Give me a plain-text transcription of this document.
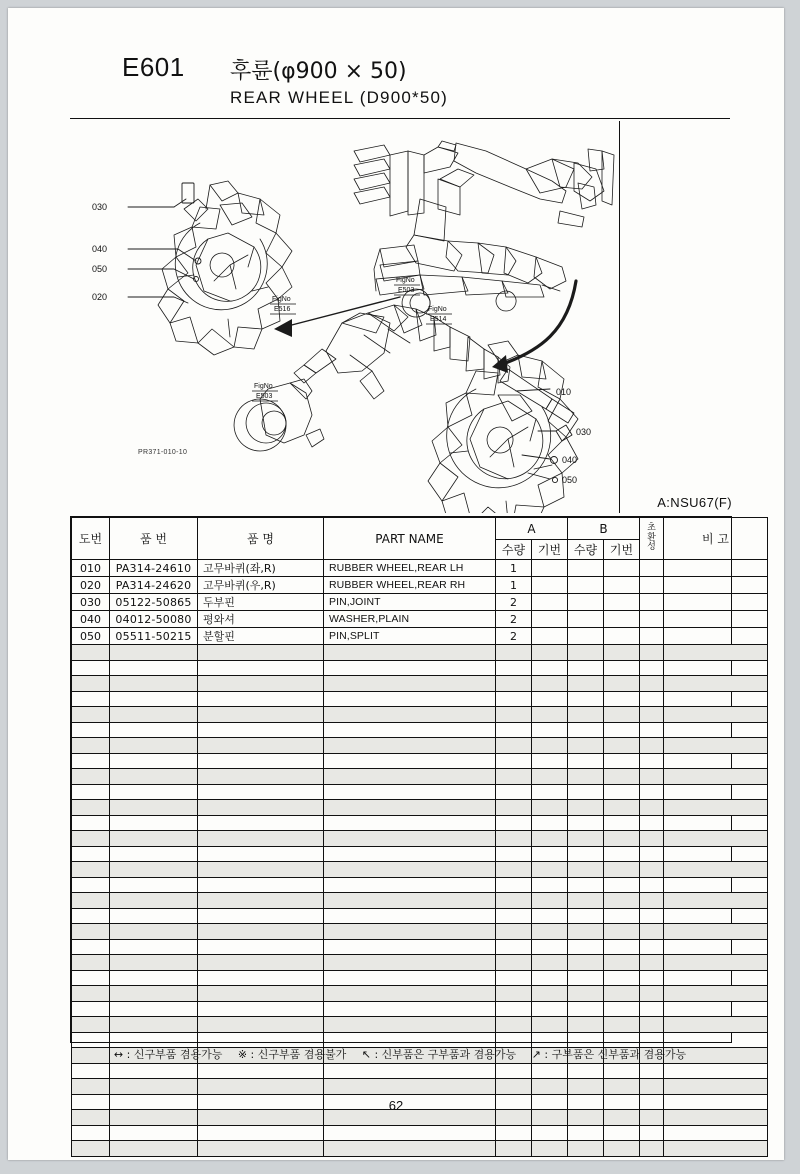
E601 후륜(φ900 × 50)
REAR WHEEL (D900*50)
030
040
050
020
010
030
040
050
FigNo
E503
FigNo
E516	FigNo
E514
FigNo
E503
PR371-010-10
A:NSU67(F)
도번	품 번	품 명	PART NAME	A		B		초
환
성	비 고
				수량	기번	수량	기번		
010	PA314-24610	고무바퀴(좌,R)	RUBBER WHEEL,REAR LH	1					
020	PA314-24620	고무바퀴(우,R)	RUBBER WHEEL,REAR RH	1					
030	05122-50865	두부핀	PIN,JOINT	2					
040	04012-50080	평와셔	WASHER,PLAIN	2					
050	05511-50215	분할핀	PIN,SPLIT	2					

↔ : 신구부품 겸용가능 ※ : 신구부품 겸용불가 ↖ : 신부품은 구부품과 겸용가능 ↗ : 구부품은 신부품과 겸용가능
62
